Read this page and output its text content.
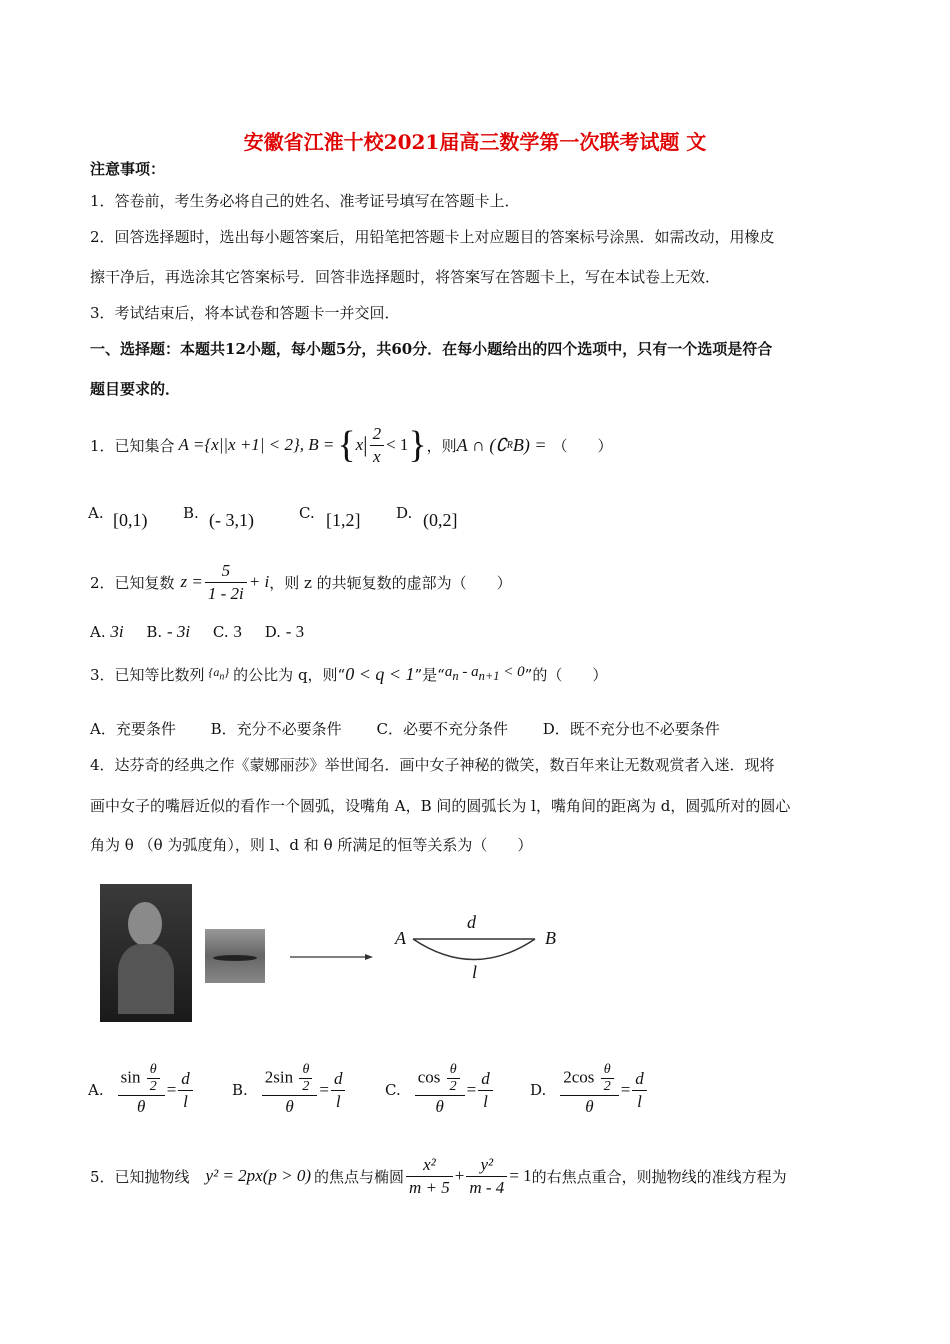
安徽省江淮十校2021届高三数学第一次联考试题 文
注意事项：
1．答卷前，考生务必将自己的姓名、准考证号填写在答题卡上．
2．回答选择题时，选出每小题答案后，用铅笔把答题卡上对应题目的答案标号涂黑．如需改动，用橡皮
擦干净后，再选涂其它答案标号．回答非选择题时，将答案写在答题卡上，写在本试卷上无效．
3．考试结束后，将本试卷和答题卡一并交回．
一、选择题：本题共12小题，每小题5分，共60分．在每小题给出的四个选项中，只有一个选项是符合
题目要求的．
1．已知集合 A ={x||x +1| < 2}, B = { x | $\frac{2}{x} < 1$ } ，则 A ∩ (∁ R B) = （　　）
A. [0,1) B. (- 3,1)	C. [1,2] D. (0,2]
2．已知复数 $z = \frac{5}{1 - 2i} + i$ ，则 z 的共轭复数的虚部为（　　）
A. 3i B. - 3i C. 3 D. - 3
3．已知等比数列 $\{a_n\}$ 的公比为 q，则“ 0 < q < 1 ”是“ $a_n - a_{n+1} < 0$ ”的（　　）
A．充要条件 B．充分不必要条件 C．必要不充分条件 D．既不充分也不必要条件
4．达芬奇的经典之作《蒙娜丽莎》举世闻名．画中女子神秘的微笑，数百年来让无数观赏者入迷．现将
画中女子的嘴唇近似的看作一个圆弧，设嘴角 A，B 间的圆弧长为 l，嘴角间的距离为 d，圆弧所对的圆心
角为 θ （θ 为弧度角），则 l、d 和 θ 所满足的恒等关系为（　　）
A	B
d
l
A. $\frac{\sin \frac{\theta}{2}}{\theta} = \frac{d}{l}$	B. $\frac{2\sin \frac{\theta}{2}}{\theta} = \frac{d}{l}$	C. $\frac{\cos \frac{\theta}{2}}{\theta} = \frac{d}{l} D$. $\frac{2\cos \frac{\theta}{2}}{\theta} = \frac{d}{l}$
5．已知抛物线 y² = 2px(p > 0) 的焦点与椭圆 $\frac{\text{x²}}{m + 5} + \frac{\text{y²}}{m - 4} = 1$ 的右焦点重合，则抛物线的准线方程为
